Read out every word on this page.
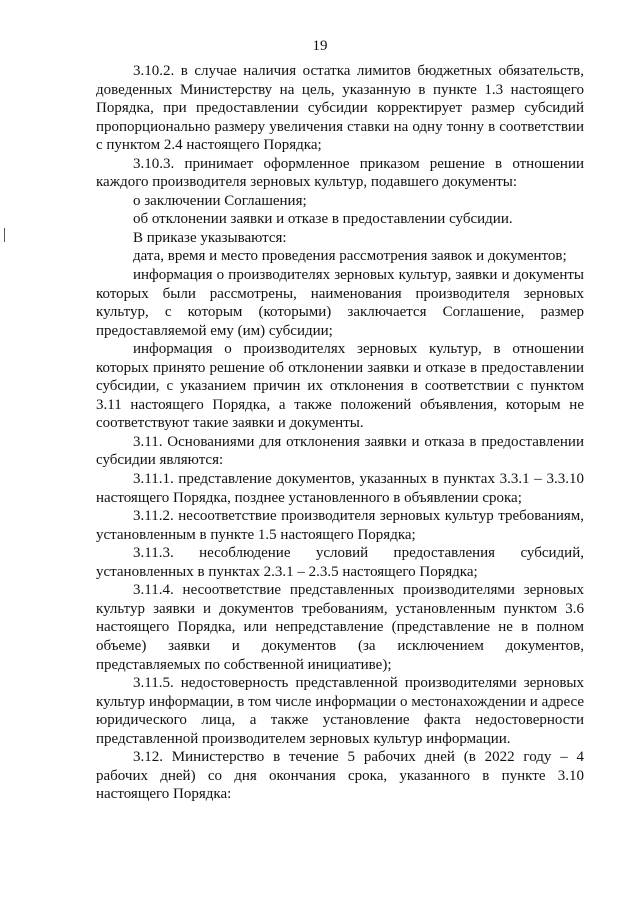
19

3.10.2. в случае наличия остатка лимитов бюджетных обязательств, доведенных Министерству на цель, указанную в пункте 1.3 настоящего Порядка, при предоставлении субсидии корректирует размер субсидий пропорционально размеру увеличения ставки на одну тонну в соответствии с пунктом 2.4 настоящего Порядка;

3.10.3. принимает оформленное приказом решение в отношении каждого производителя зерновых культур, подавшего документы:

о заключении Соглашения;

об отклонении заявки и отказе в предоставлении субсидии.

В приказе указываются:

дата, время и место проведения рассмотрения заявок и документов;

информация о производителях зерновых культур, заявки и документы которых были рассмотрены, наименования производителя зерновых культур, с которым (которыми) заключается Соглашение, размер предоставляемой ему (им) субсидии;

информация о производителях зерновых культур, в отношении которых принято решение об отклонении заявки и отказе в предоставлении субсидии, с указанием причин их отклонения в соответствии с пунктом 3.11 настоящего Порядка, а также положений объявления, которым не соответствуют такие заявки и документы.

3.11. Основаниями для отклонения заявки и отказа в предоставлении субсидии являются:

3.11.1. представление документов, указанных в пунктах 3.3.1 – 3.3.10 настоящего Порядка, позднее установленного в объявлении срока;

3.11.2. несоответствие производителя зерновых культур требованиям, установленным в пункте 1.5 настоящего Порядка;

3.11.3. несоблюдение условий предоставления субсидий, установленных в пунктах 2.3.1 – 2.3.5 настоящего Порядка;

3.11.4. несоответствие представленных производителями зерновых культур заявки и документов требованиям, установленным пунктом 3.6 настоящего Порядка, или непредставление (представление не в полном объеме) заявки и документов (за исключением документов, представляемых по собственной инициативе);

3.11.5. недостоверность представленной производителями зерновых культур информации, в том числе информации о местонахождении и адресе юридического лица, а также установление факта недостоверности представленной производителем зерновых культур информации.

3.12. Министерство в течение 5 рабочих дней (в 2022 году – 4 рабочих дней) со дня окончания срока, указанного в пункте 3.10 настоящего Порядка:
